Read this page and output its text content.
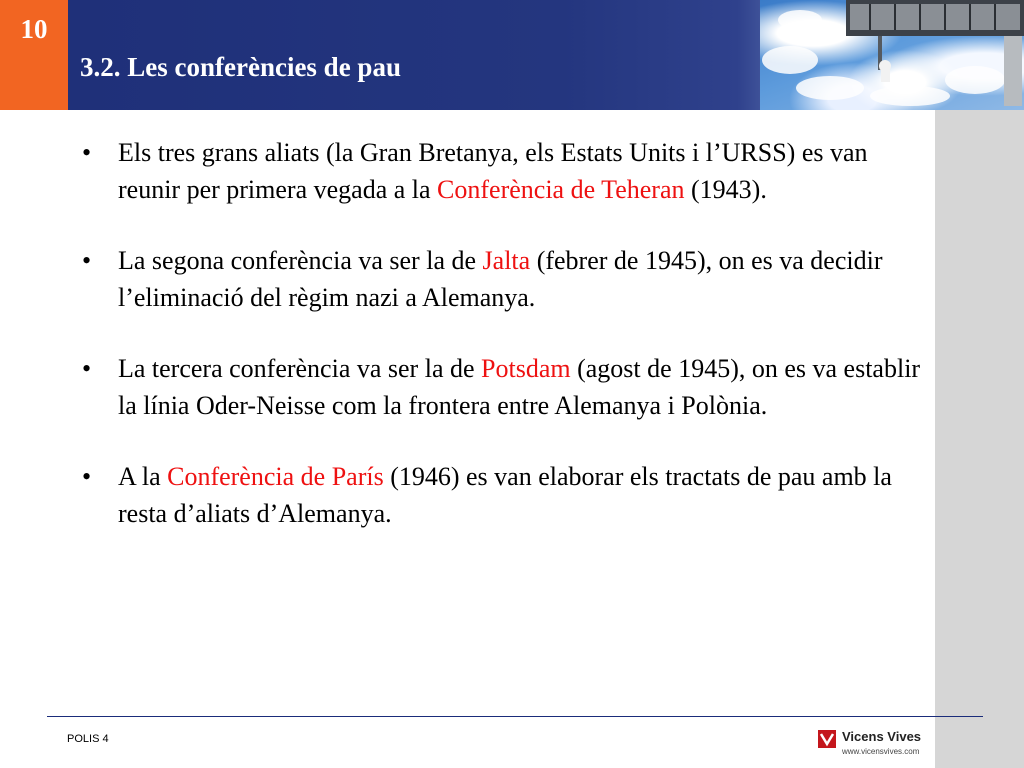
10
3.2. Les conferències de pau
• Els tres grans aliats (la Gran Bretanya, els Estats Units i l’URSS) es van reunir per primera vegada a la Conferència de Teheran (1943).
• La segona conferència va ser la de Jalta (febrer de 1945), on es va decidir l’eliminació del règim nazi a Alemanya.
• La tercera conferència va ser la de Potsdam (agost de 1945), on es va establir la línia Oder-Neisse com la frontera entre Alemanya i Polònia.
• A la Conferència de París (1946) es van elaborar els tractats de pau amb la resta d’aliats d’Alemanya.
POLIS 4	Vicens Vives
www.vicensvives.com
